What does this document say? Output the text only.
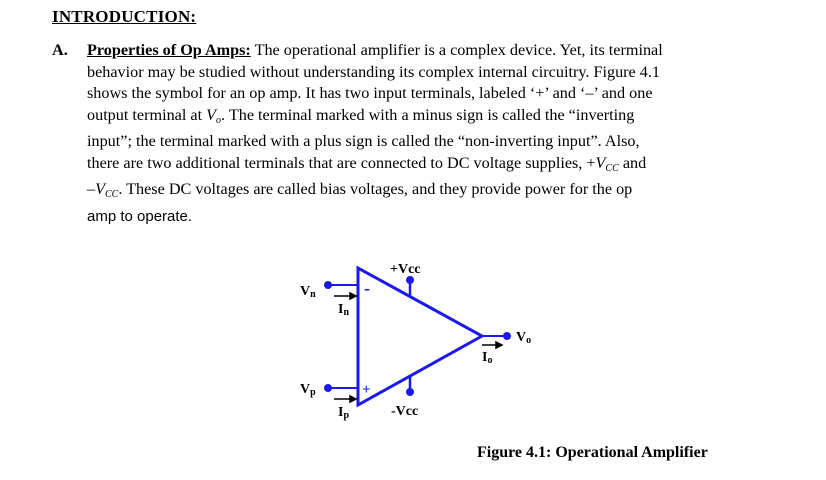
INTRODUCTION:
A. Properties of Op Amps: The operational amplifier is a complex device. Yet, its terminal
behavior may be studied without understanding its complex internal circuitry. Figure 4.1
shows the symbol for an op amp. It has two input terminals, labeled ‘+’ and ‘–’ and one
output terminal at $V_o$. The terminal marked with a minus sign is called the “inverting
input”; the terminal marked with a plus sign is called the “non-inverting input”. Also,
there are two additional terminals that are connected to DC voltage supplies, $+V_{CC}$ and
$-V_{CC}$. These DC voltages are called bias voltages, and they provide power for the op
amp to operate.
-
+
+Vcc
-Vcc
Vn
Vp
In
Ip
Io
Vo
Figure 4.1: Operational Amplifier
